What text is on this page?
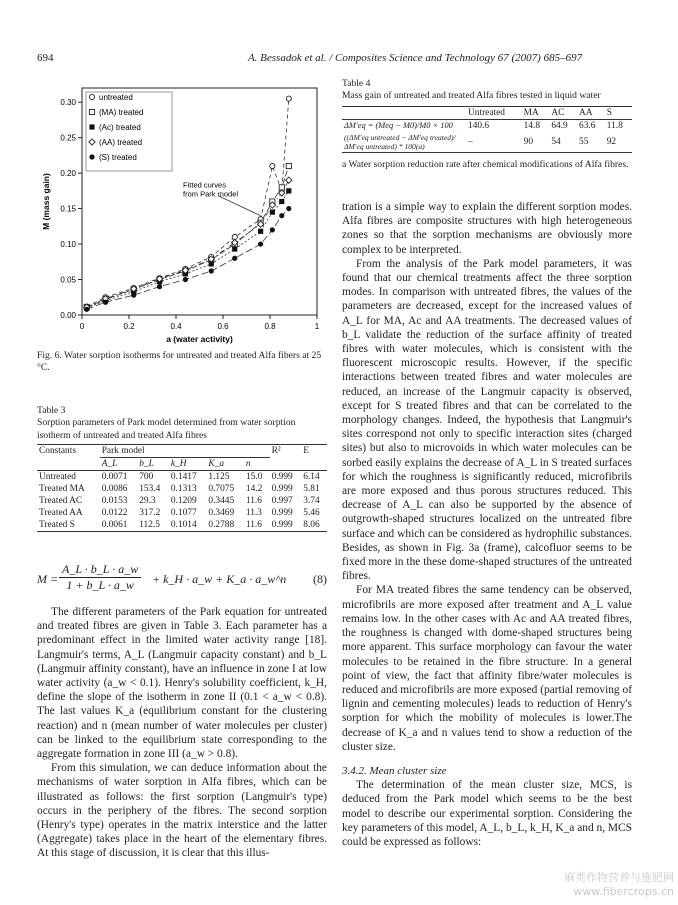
694	A. Bessadok et al. / Composites Science and Technology 67 (2007) 685–697
0	0.2	0.4	0.6	0.8	1
0.00
0.05
0.10
0.15
0.20
0.25
0.30
a (water activity)
M (mass gain)
untreated
(MA) treated
(Ac) treated
(AA) treated
(S) treated
Fitted curves
from Park model
Fig. 6. Water sorption isotherms for untreated and treated Alfa fibers at 25 °C.
Table 3
Sorption parameters of Park model determined from water sorption isotherm of untreated and treated Alfa fibres
Constants	Park model					R²	E
	A_L	b_L	k_H	K_a	n		
Untreated	0.0071	700	0.1417	1.125	15.0	0.999	6.14
Treated MA	0.0086	153.4	0.1313	0.7075	14.2	0.999	5.81
Treated AC	0.0153	29.3	0.1209	0.3445	11.6	0.997	3.74
Treated AA	0.0122	317.2	0.1077	0.3469	11.3	0.999	5.46
Treated S	0.0061	112.5	0.1014	0.2788	11.6	0.999	8.06
$M = \frac{A\_L \cdot b\_L \cdot a\_w}{1 + b\_L \cdot a\_w}$ + k_H · a_w + K_a · a_w^n (8)

The different parameters of the Park equation for untreated and treated fibres are given in Table 3. Each parameter has a predominant effect in the limited water activity range [18]. Langmuir's terms, A_L (Langmuir capacity constant) and b_L (Langmuir affinity constant), have an influence in zone I at low water activity (a_w < 0.1). Henry's solubility coefficient, k_H, define the slope of the isotherm in zone II (0.1 < a_w < 0.8). The last values K_a (equilibrium constant for the clustering reaction) and n (mean number of water molecules per cluster) can be linked to the equilibrium state corresponding to the aggregate formation in zone III (a_w > 0.8).

From this simulation, we can deduce information about the mechanisms of water sorption in Alfa fibres, which can be illustrated as follows: the first sorption (Langmuir's type) occurs in the periphery of the fibres. The second sorption (Henry's type) operates in the matrix interstice and the latter (Aggregate) takes place in the heart of the elementary fibres. At this stage of discussion, it is clear that this illus-

Table 4
Mass gain of untreated and treated Alfa fibres tested in liquid water
	Untreated	MA	AC	AA	S
ΔM′eq = (Meq − M0)/M0 × 100	140.6	14.8	64.9	63.6	11.8
((ΔM′eq untreated − ΔM′eq treated)/ΔM′eq untreated) * 100(a)	–	90	54	55	92
a Water sorption reduction rate after chemical modifications of Alfa fibres.

tration is a simple way to explain the different sorption modes. Alfa fibres are composite structures with high heterogeneous zones so that the sorption mechanisms are obviously more complex to be interpreted.

From the analysis of the Park model parameters, it was found that our chemical treatments affect the three sorption modes. In comparison with untreated fibres, the values of the parameters are decreased, except for the increased values of A_L for MA, Ac and AA treatments. The decreased values of b_L validate the reduction of the surface affinity of treated fibres with water molecules, which is consistent with the fluorescent microscopic results. However, if the specific interactions between treated fibres and water molecules are reduced, an increase of the Langmuir capacity is observed, except for S treated fibres and that can be correlated to the morphology changes. Indeed, the hypothesis that Langmuir's sites correspond not only to specific interaction sites (charged sites) but also to microvoids in which water molecules can be sorbed easily explains the decrease of A_L in S treated surfaces for which the roughness is significantly reduced, microfibrils are more exposed and thus porous structures reduced. This decrease of A_L can also be supported by the absence of outgrowth-shaped structures localized on the untreated fibre surface and which can be considered as hydrophilic substances. Besides, as shown in Fig. 3a (frame), calcofluor seems to be fixed more in the these dome-shaped structures of the untreated fibres.

For MA treated fibres the same tendency can be observed, microfibrils are more exposed after treatment and A_L value remains low. In the other cases with Ac and AA treated fibres, the roughness is changed with dome-shaped structures being more apparent. This surface morphology can favour the water molecules to be retained in the fibre structure. In a general point of view, the fact that affinity fibre/water molecules is reduced and microfibrils are more exposed (partial removing of lignin and cementing molecules) leads to reduction of Henry's sorption for which the mobility of molecules is lower.The decrease of K_a and n values tend to show a reduction of the cluster size.

3.4.2. Mean cluster size

The determination of the mean cluster size, MCS, is deduced from the Park model which seems to be the best model to describe our experimental sorption. Considering the key parameters of this model, A_L, b_L, k_H, K_a and n, MCS could be expressed as follows:

麻类作物营养与施肥网
www.fibercrops.cn
